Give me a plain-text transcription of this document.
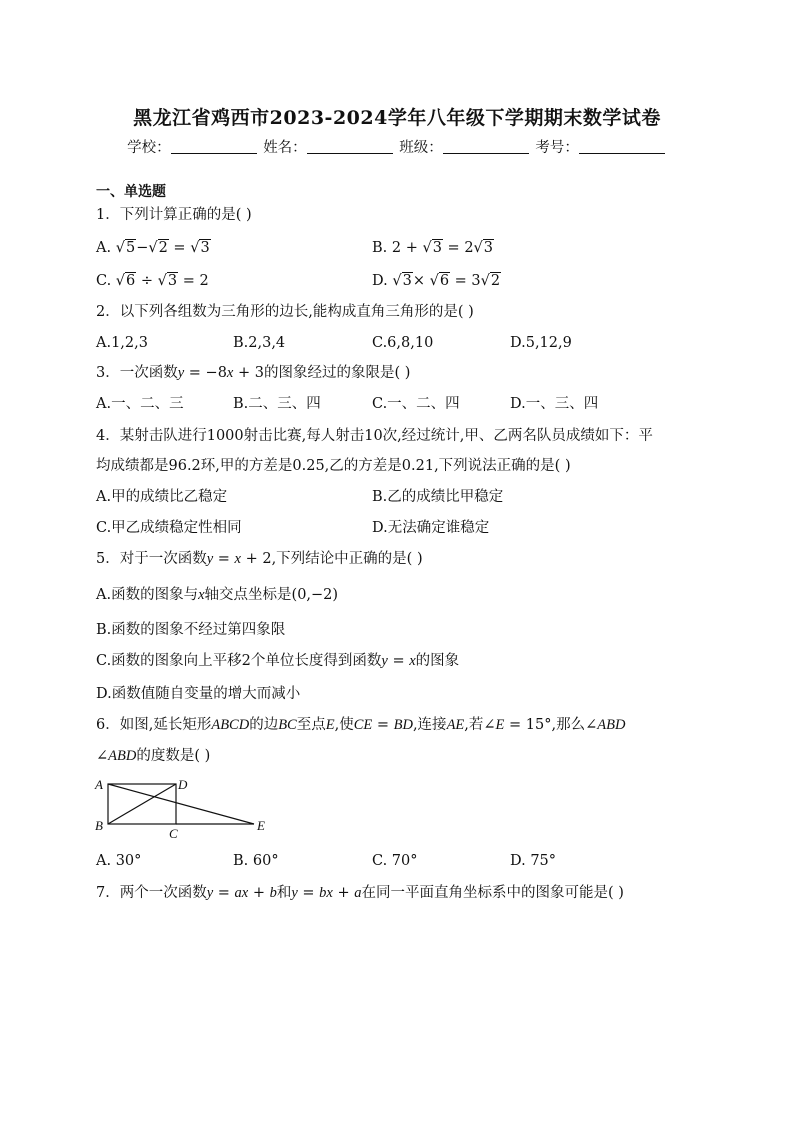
黑龙江省鸡西市2023-2024学年八年级下学期期末数学试卷
学校：	姓名：	班级：	考号：
一、单选题
1．下列计算正确的是( )
A. √5−√2 = √3	B. 2 + √3 = 2√3
C. √6 ÷ √3 = 2	D. √3× √6 = 3√2
2．以下列各组数为三角形的边长,能构成直角三角形的是( )
A.1,2,3	B.2,3,4	C.6,8,10	D.5,12,9
3．一次函数y = −8x + 3的图象经过的象限是( )
A.一、二、三	B.二、三、四	C.一、二、四	D.一、三、四
4．某射击队进行1000射击比赛,每人射击10次,经过统计,甲、乙两名队员成绩如下：平
均成绩都是96.2环,甲的方差是0.25,乙的方差是0.21,下列说法正确的是( )
A.甲的成绩比乙稳定	B.乙的成绩比甲稳定
C.甲乙成绩稳定性相同	D.无法确定谁稳定
5．对于一次函数y = x + 2,下列结论中正确的是( )
A.函数的图象与x轴交点坐标是(0,−2)
B.函数的图象不经过第四象限
C.函数的图象向上平移2个单位长度得到函数y = x的图象
D.函数值随自变量的增大而减小
6．如图,延长矩形ABCD的边BC至点E,使CE = BD,连接AE,若∠E = 15°,那么∠ABD
∠ABD的度数是( )
A
B
C
D
E
A. 30°	B. 60°	C. 70°	D. 75°
7．两个一次函数y = ax + b和y = bx + a在同一平面直角坐标系中的图象可能是( )
